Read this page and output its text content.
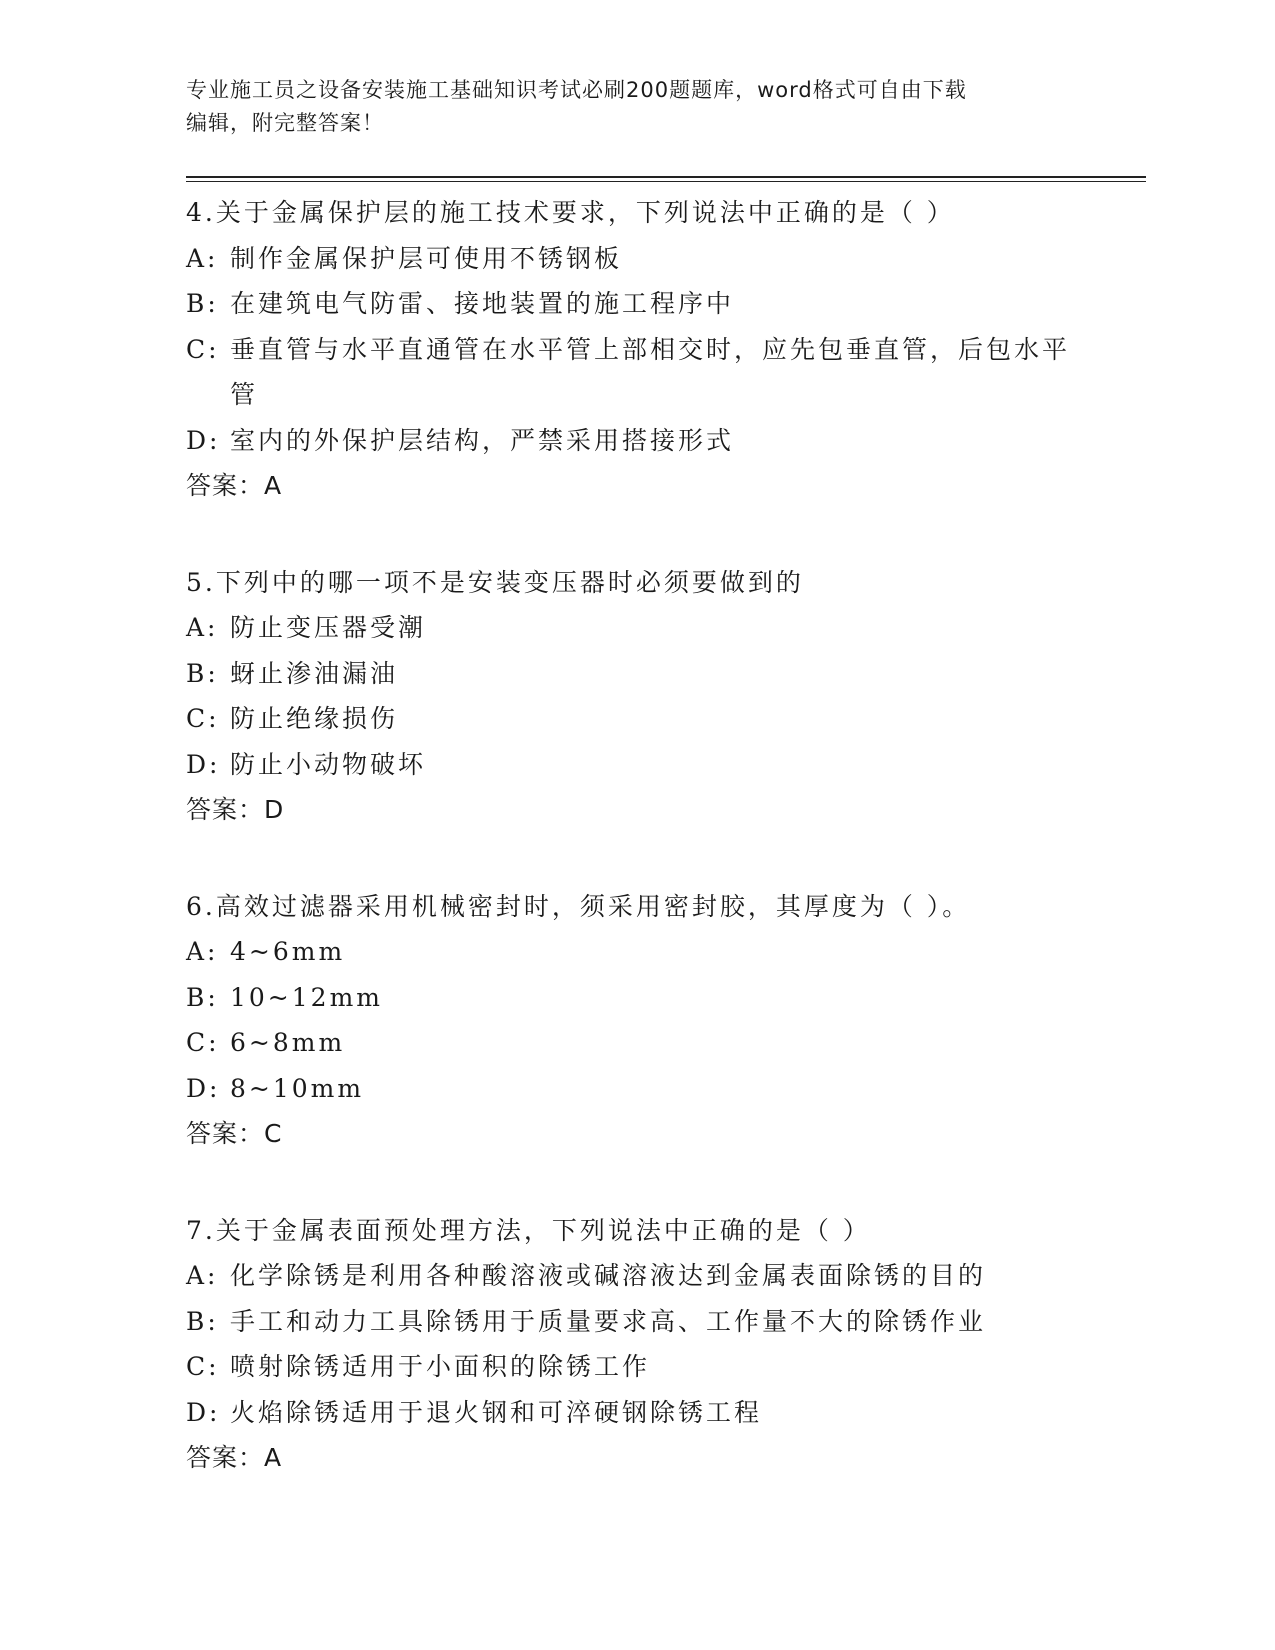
专业施工员之设备安装施工基础知识考试必刷200题题库，word格式可自由下载
编辑，附完整答案！
4.关于金属保护层的施工技术要求，下列说法中正确的是（ ）
A: 制作金属保护层可使用不锈钢板
B: 在建筑电气防雷、接地装置的施工程序中
C: 垂直管与水平直通管在水平管上部相交时，应先包垂直管，后包水平管
D: 室内的外保护层结构，严禁采用搭接形式
答案：A
5.下列中的哪一项不是安装变压器时必须要做到的
A: 防止变压器受潮
B: 蚜止渗油漏油
C: 防止绝缘损伤
D: 防止小动物破坏
答案：D
6.高效过滤器采用机械密封时，须采用密封胶，其厚度为（ ）。
A: 4~6mm
B: 10~12mm
C: 6~8mm
D: 8~10mm
答案：C
7.关于金属表面预处理方法，下列说法中正确的是（ ）
A: 化学除锈是利用各种酸溶液或碱溶液达到金属表面除锈的目的
B: 手工和动力工具除锈用于质量要求高、工作量不大的除锈作业
C: 喷射除锈适用于小面积的除锈工作
D: 火焰除锈适用于退火钢和可淬硬钢除锈工程
答案：A
